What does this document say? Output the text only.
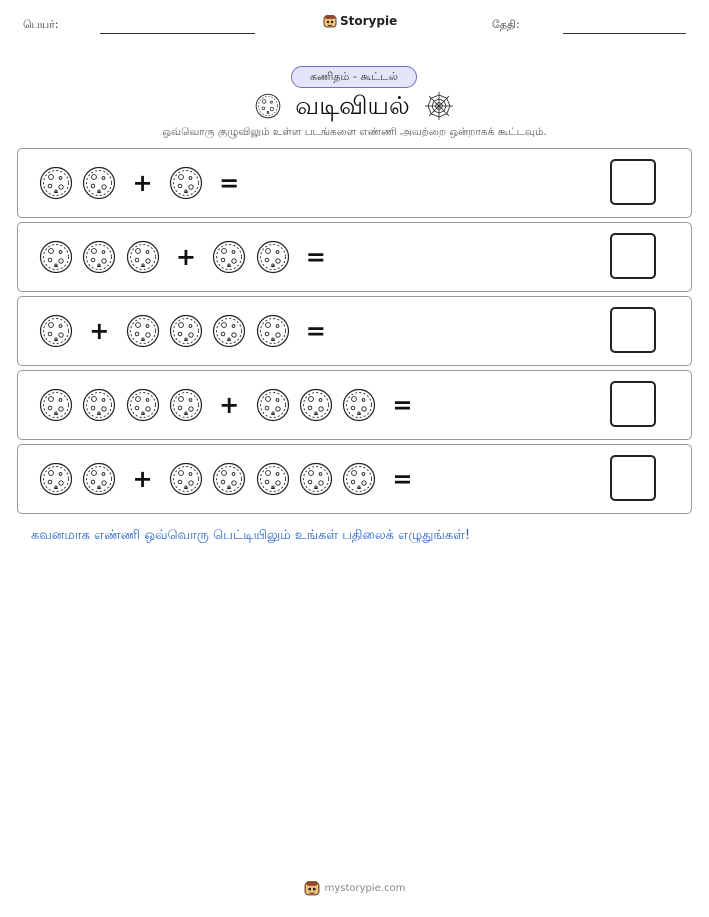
பெயர்:	Storypie	தேதி:
கணிதம் - கூட்டல்
வடிவியல்
ஒவ்வொரு குழுவிலும் உள்ள படங்களை எண்ணி அவற்றை ஒன்றாகக் கூட்டவும்.
+	=
+	=
+	=
+	=
+	=
கவனமாக எண்ணி ஒவ்வொரு பெட்டியிலும் உங்கள் பதிலைக் எழுதுங்கள்!
mystorypie.com
